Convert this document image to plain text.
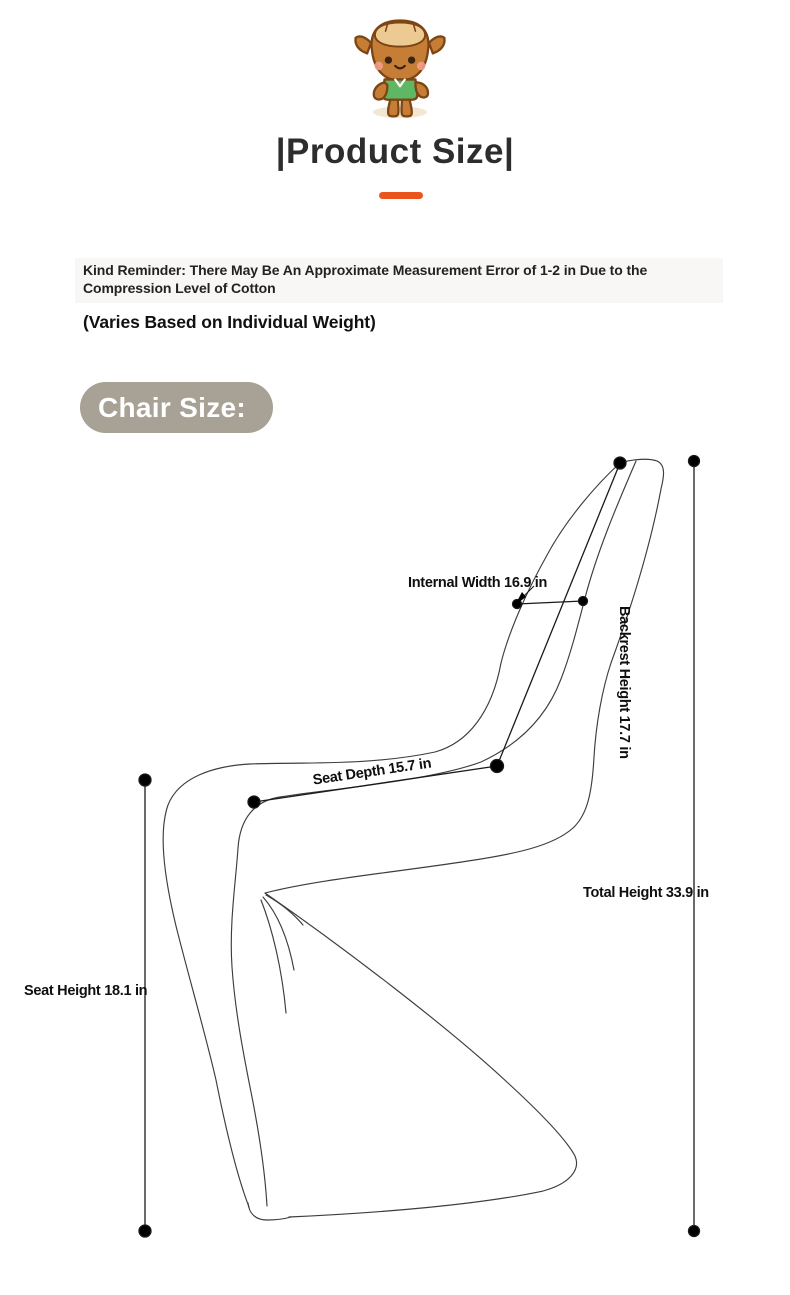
|Product Size|
Kind Reminder: There May Be An Approximate Measurement Error of 1-2 in Due to the
Compression Level of Cotton
(Varies Based on Individual Weight)
Chair Size:
Internal Width 16.9 in
Backrest Height 17.7 in
Seat Depth 15.7 in
Total Height 33.9 in
Seat Height 18.1 in
